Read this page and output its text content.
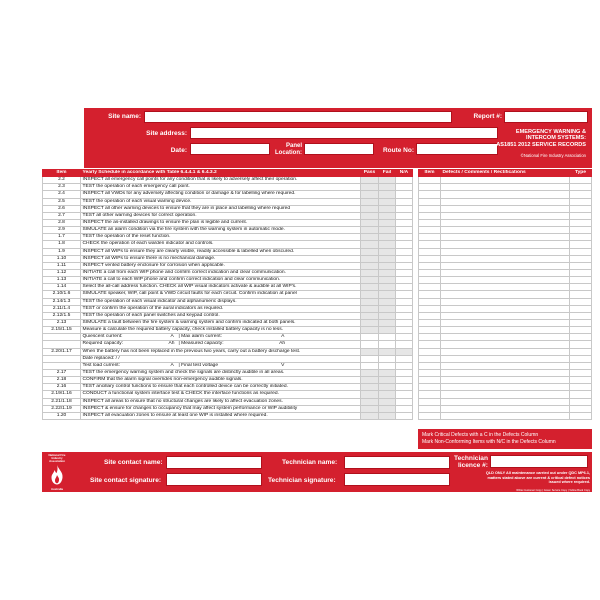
Site name:	Report #:
Site address:
Date:
Panel
Location:	Route No:
EMERGENCY WARNING &
INTERCOM SYSTEMS:
AS1851 2012 SERVICE RECORDS
©National Fire Industry Association
Item	Yearly Schedule in accordance with Table 6.4.4.1 & 6.4.3.2	Pass	Fail	N/A
2.2	INSPECT all emergency call points for any condition that is likely to adversely affect their operation.			
2.3	TEST the operation of each emergency call point.			
2.4	INSPECT all VWDs for any adversely affecting condition or damage & for labelling where required.			
2.5	TEST the operation of each visual warning device.			
2.6	INSPECT all other warning devices to ensure that they are in place and labelling where required			
2.7	TEST all other warning devices for correct operation.			
2.8	INSPECT the as-installed drawings to ensure the plan is legible and current.			
2.9	SIMULATE an alarm condition via the fire system with the warning system in automatic mode.			
1.7	TEST the operation of the reset function.			
1.8	CHECK the operation of each warden indicator and controls.			
1.9	INSPECT all WIPs to ensure they are clearly visible, readily accessible & labelled when obscured.			
1.10	INSPECT all WIPs to ensure there is no mechanical damage.			
1.11	INSPECT vented battery enclosure for corrosion when applicable.			
1.12	INITIATE a call from each WIP phone and confirm correct indication and clear communication.			
1.13	INITIATE a call to each WIP phone and confirm correct indication and clear communication.			
1.14	Select the all-call address function. CHECK all WIP visual indicators activate & audible at all WIP's.			
2.10/1.6	SIMULATE speaker, WIP, call point & VWD circuit faults for each circuit. Confirm indication at panel			
2.14/1.3	TEST the operation of each visual indicator and alphanumeric displays.			
2.11/1.4	TEST or confirm the operation of the aural indicators as required.			
2.12/1.5	TEST the operation of each panel switches and keypad control.			
2.13	SIMULATE a fault between the fire system & warning system and confirm indicated at both panels.			
2.15/1.15	Measure & calculate the required battery capacity, check installed battery capacity is no less.			
	Quiescent current: A | Max alarm current: A			
	Required capacity: Ah | Measured capacity: Ah			
2.20/1.17	When the battery has not been replaced in the previous two years, carry out a battery discharge test.			
	Date replaced: / /			
	Test load current: A | Final test voltage V			
2.17	TEST the emergency warning system and check the signals are distinctly audible in all areas.			
2.18	CONFIRM that the alarm signal overrides non-emergency audible signals.			
2.16	TEST ancillary control functions to ensure that each controlled device can be correctly initiated.			
2.19/1.16	CONDUCT a functional system interface test & CHECK the interface functions as required.			
2.21/1.18	INSPECT all areas to ensure that no structural changes are likely to affect evacuation zones.			
2.22/1.19	INSPECT & ensure for changes to occupancy that may affect system performance or WIP audibility			
1.20	INSPECT all evacuation zones to ensure at least one WIP is installed where required.			
Item	Defects / Comments / Rectifications	Type

Mark Critical Defects with a C in the Defects Column
Mark Non-Conforming Items with N/C in the Defects Column
Site contact name:	Technician name:
Technician
licence #:
Site contact signature:	Technician signature:
QLD ONLY All maintenance carried out under QDC MP6.1, matters stated above are current & critical defect notices issued where required.
White Customer Copy | Green Service Copy | Yellow Book Copy
National Fire Industry Association
Australia
